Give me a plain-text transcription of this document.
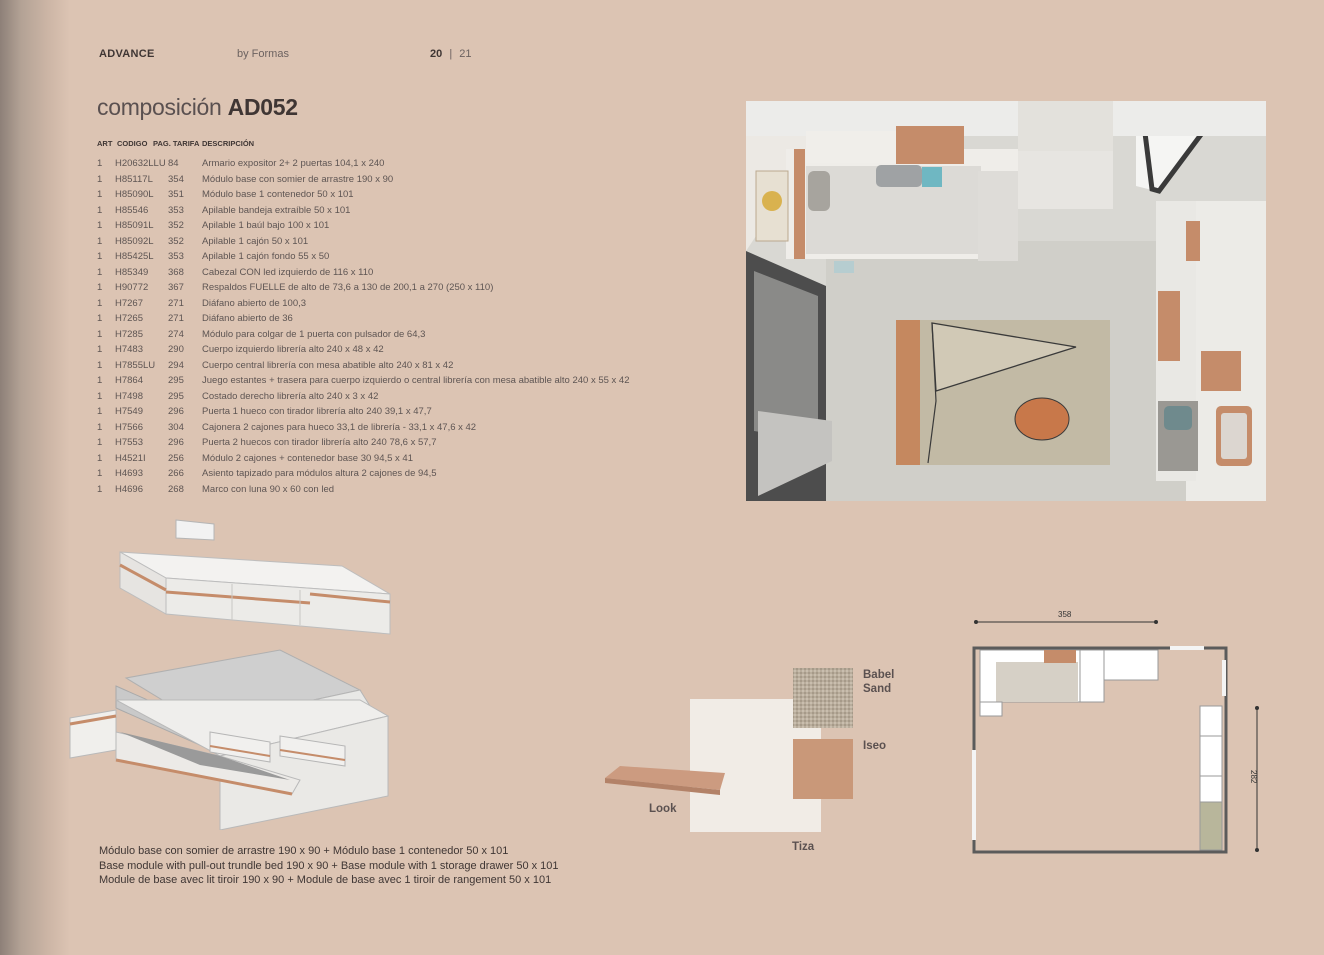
ADVANCE	by Formas	20 | 21
composición AD052
ART CODIGO PAG. TARIFA DESCRIPCIÓN
1 H20632LLU 84 Armario expositor 2+ 2 puertas 104,1 x 240
1 H85117L 354 Módulo base con somier de arrastre 190 x 90
1 H85090L 351 Módulo base 1 contenedor 50 x 101
1 H85546 353 Apilable bandeja extraíble 50 x 101
1 H85091L 352 Apilable 1 baúl bajo 100 x 101
1 H85092L 352 Apilable 1 cajón 50 x 101
1 H85425L 353 Apilable 1 cajón fondo 55 x 50
1 H85349 368 Cabezal CON led izquierdo de 116 x 110
1 H90772 367 Respaldos FUELLE de alto de 73,6 a 130 de 200,1 a 270 (250 x 110)
1 H7267	271 Diáfano abierto de 100,3
1 H7265	271 Diáfano abierto de 36
1 H7285	274 Módulo para colgar de 1 puerta con pulsador de 64,3
1 H7483	290 Cuerpo izquierdo librería alto 240 x 48 x 42
1 H7855LU 294 Cuerpo central librería con mesa abatible alto 240 x 81 x 42
1 H7864	295 Juego estantes + trasera para cuerpo izquierdo o central librería con mesa abatible alto 240 x 55 x 42
1 H7498	295 Costado derecho librería alto 240 x 3 x 42
1 H7549	296 Puerta 1 hueco con tirador librería alto 240 39,1 x 47,7
1 H7566	304 Cajonera 2 cajones para hueco 33,1 de librería - 33,1 x 47,6 x 42
1 H7553	296 Puerta 2 huecos con tirador librería alto 240 78,6 x 57,7
1 H4521I 256 Módulo 2 cajones + contenedor base 30 94,5 x 41
1 H4693	266 Asiento tapizado para módulos altura 2 cajones de 94,5
1 H4696	268 Marco con luna 90 x 60 con led
Módulo base con somier de arrastre 190 x 90 + Módulo base 1 contenedor 50 x 101
Base module with pull-out trundle bed 190 x 90 + Base module with 1 storage drawer 50 x 101
Module de base avec lit tiroir 190 x 90 + Module de base avec 1 tiroir de rangement 50 x 101
Babel Sand
Iseo
Look
Tiza
358
282
